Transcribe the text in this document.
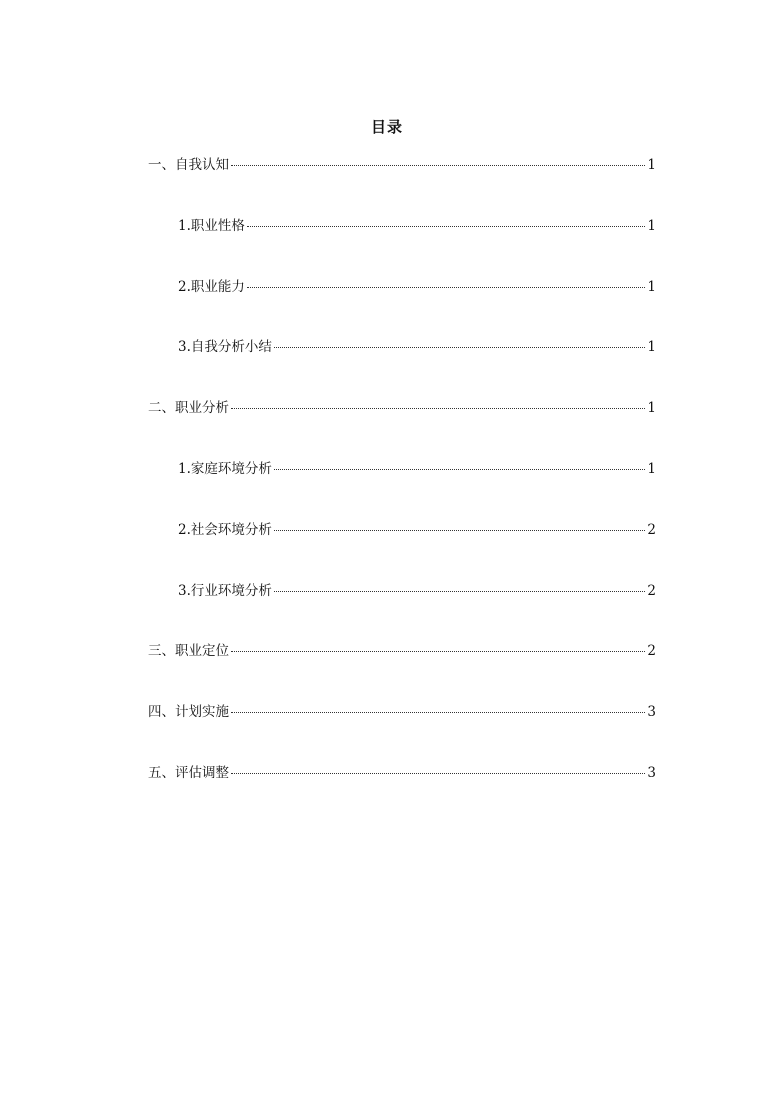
目录
一、自我认知	1
1.职业性格	1
2.职业能力	1
3.自我分析小结	1
二、职业分析	1
1.家庭环境分析	1
2.社会环境分析	2
3.行业环境分析	2
三、职业定位	2
四、计划实施	3
五、评估调整	3
